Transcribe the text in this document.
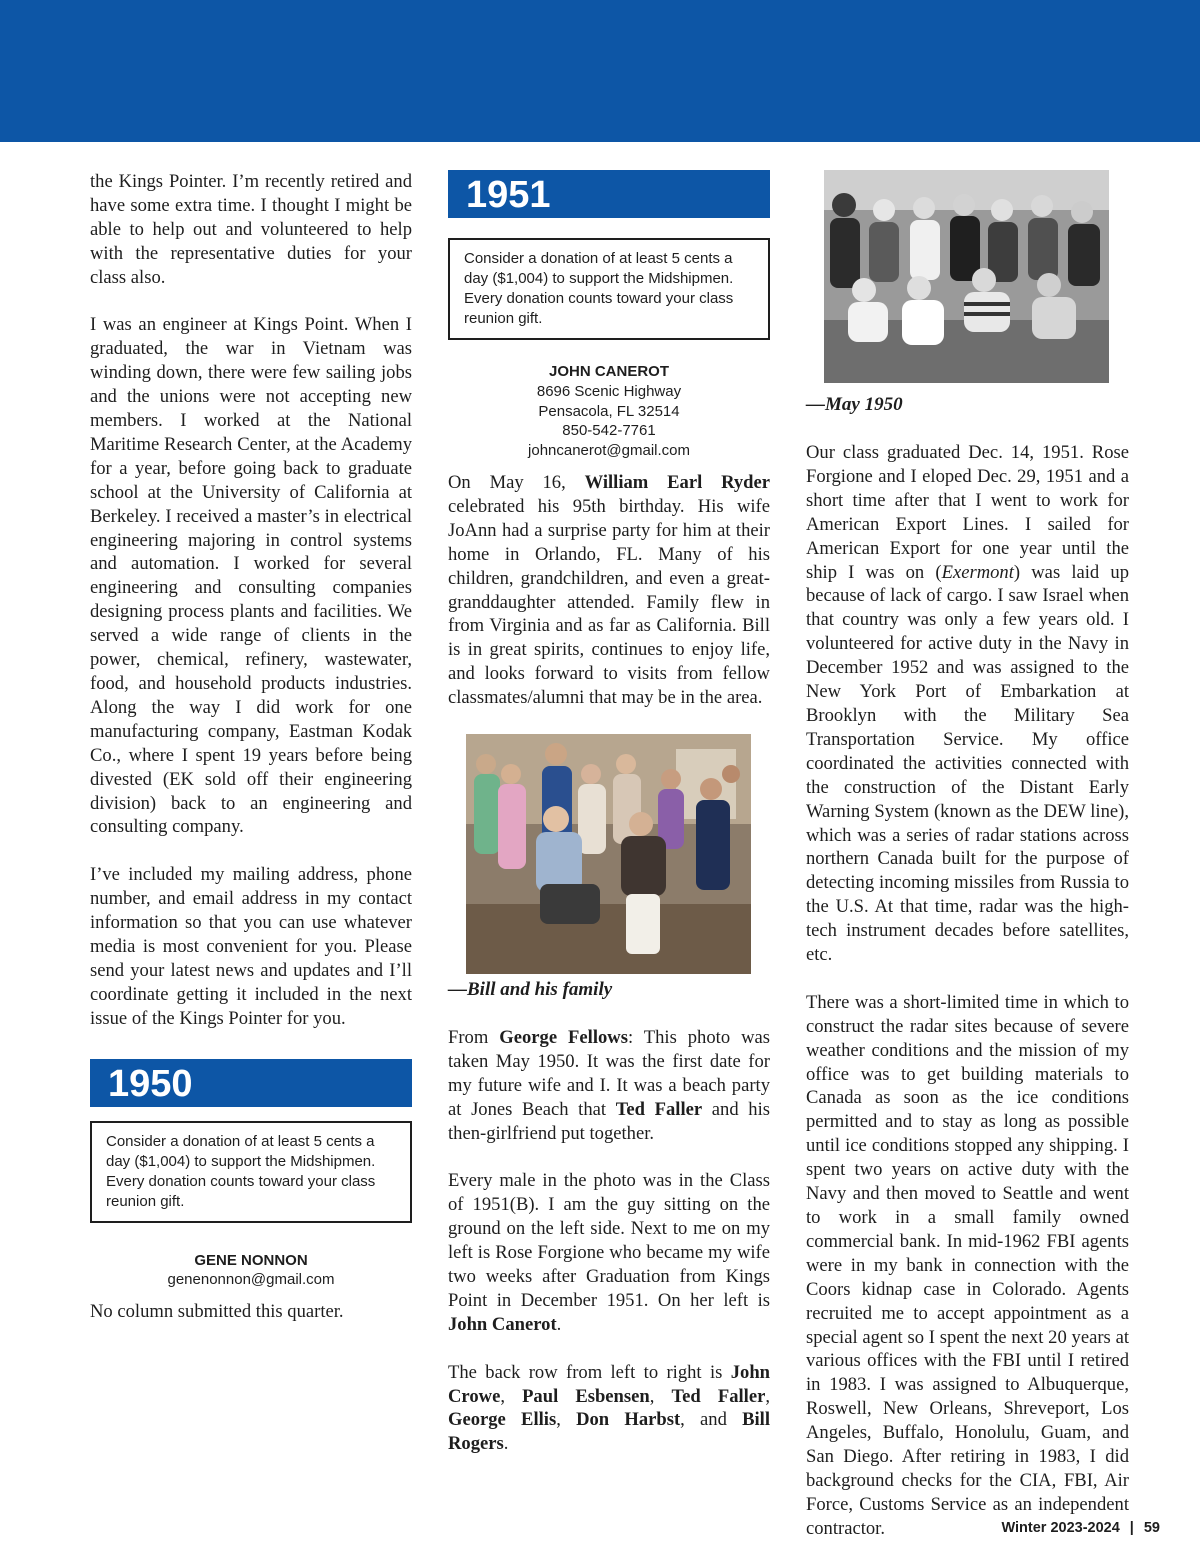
the Kings Pointer. I’m recently retired and have some extra time. I thought I might be able to help out and volunteered to help with the representative duties for your class also.

I was an engineer at Kings Point. When I graduated, the war in Vietnam was winding down, there were few sailing jobs and the unions were not accepting new members. I worked at the National Maritime Research Center, at the Academy for a year, before going back to graduate school at the University of California at Berkeley. I received a master’s in electrical engineering majoring in control systems and automation. I worked for several engineering and consulting companies designing process plants and facilities. We served a wide range of clients in the power, chemical, refinery, wastewater, food, and household products industries. Along the way I did work for one manufacturing company, Eastman Kodak Co., where I spent 19 years before being divested (EK sold off their engineering division) back to an engineering and consulting company.

I’ve included my mailing address, phone number, and email address in my contact information so that you can use whatever media is most convenient for you. Please send your latest news and updates and I’ll coordinate getting it included in the next issue of the Kings Pointer for you.

1950
Consider a donation of at least 5 cents a day ($1,004) to support the Midshipmen. Every donation counts toward your class reunion gift.
GENE NONNON
genenonnon@gmail.com

No column submitted this quarter.

1951
Consider a donation of at least 5 cents a day ($1,004) to support the Midshipmen. Every donation counts toward your class reunion gift.
JOHN CANEROT
8696 Scenic Highway
Pensacola, FL 32514
850-542-7761
johncanerot@gmail.com

On May 16, William Earl Ryder celebrated his 95th birthday. His wife JoAnn had a surprise party for him at their home in Orlando, FL. Many of his children, grandchildren, and even a great-granddaughter attended. Family flew in from Virginia and as far as California. Bill is in great spirits, continues to enjoy life, and looks forward to visits from fellow classmates/alumni that may be in the area.

—Bill and his family

From George Fellows: This photo was taken May 1950. It was the first date for my future wife and I. It was a beach party at Jones Beach that Ted Faller and his then-girlfriend put together.

Every male in the photo was in the Class of 1951(B). I am the guy sitting on the ground on the left side. Next to me on my left is Rose Forgione who became my wife two weeks after Graduation from Kings Point in December 1951. On her left is John Canerot.

The back row from left to right is John Crowe, Paul Esbensen, Ted Faller, George Ellis, Don Harbst, and Bill Rogers.

—May 1950

Our class graduated Dec. 14, 1951. Rose Forgione and I eloped Dec. 29, 1951 and a short time after that I went to work for American Export Lines. I sailed for American Export for one year until the ship I was on (Exermont) was laid up because of lack of cargo. I saw Israel when that country was only a few years old. I volunteered for active duty in the Navy in December 1952 and was assigned to the New York Port of Embarkation at Brooklyn with the Military Sea Transportation Service. My office coordinated the activities connected with the construction of the Distant Early Warning System (known as the DEW line), which was a series of radar stations across northern Canada built for the purpose of detecting incoming missiles from Russia to the U.S. At that time, radar was the high-tech instrument decades before satellites, etc.

There was a short-limited time in which to construct the radar sites because of severe weather conditions and the mission of my office was to get building materials to Canada as soon as the ice conditions permitted and to stay as long as possible until ice conditions stopped any shipping. I spent two years on active duty with the Navy and then moved to Seattle and went to work in a small family owned commercial bank. In mid-1962 FBI agents were in my bank in connection with the Coors kidnap case in Colorado. Agents recruited me to accept appointment as a special agent so I spent the next 20 years at various offices with the FBI until I retired in 1983. I was assigned to Albuquerque, Roswell, New Orleans, Shreveport, Los Angeles, Buffalo, Honolulu, Guam, and San Diego. After retiring in 1983, I did background checks for the CIA, FBI, Air Force, Customs Service as an independent contractor.	Winter 2023-2024 | 59
